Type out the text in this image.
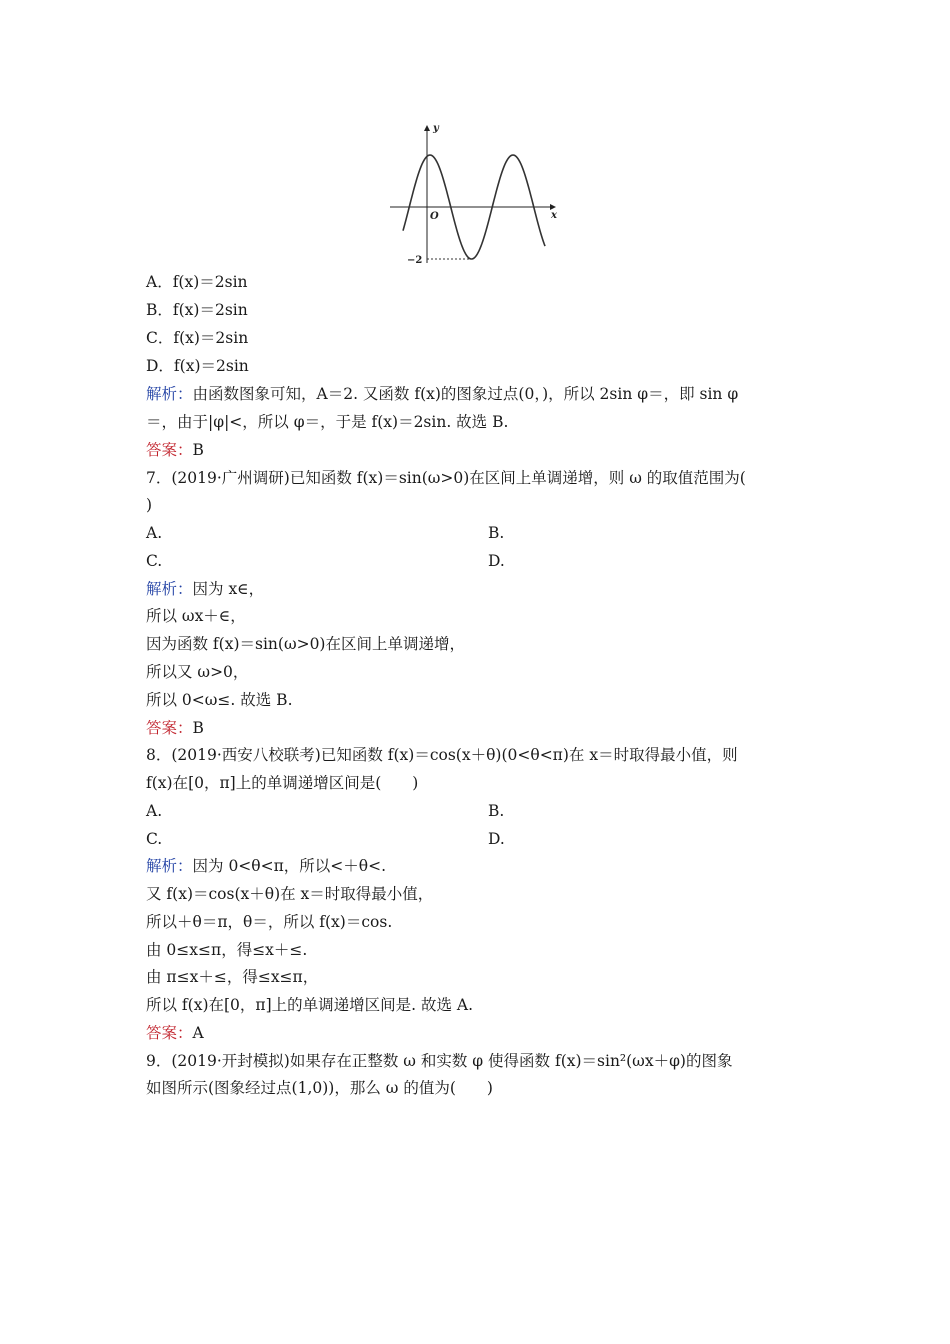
y
x
O
−2
A．f(x)＝2sin
B．f(x)＝2sin
C．f(x)＝2sin
D．f(x)＝2sin
解析：由函数图象可知，A＝2. 又函数 f(x)的图象过点(0，)，所以 2sin φ＝，即 sin φ
＝，由于|φ|<，所以 φ＝，于是 f(x)＝2sin. 故选 B.
答案：B
7．(2019·广州调研)已知函数 f(x)＝sin(ω>0)在区间上单调递增，则 ω 的取值范围为(
)
A.	B.
C.	D.
解析：因为 x∈，
所以 ωx＋∈，
因为函数 f(x)＝sin(ω>0)在区间上单调递增，
所以又 ω>0，
所以 0<ω≤. 故选 B.
答案：B
8．(2019·西安八校联考)已知函数 f(x)＝cos(x＋θ)(0<θ<π)在 x＝时取得最小值，则
f(x)在[0，π]上的单调递增区间是(　　)
A.	B.
C.	D.
解析：因为 0<θ<π，所以<＋θ<.
又 f(x)＝cos(x＋θ)在 x＝时取得最小值，
所以＋θ＝π，θ＝，所以 f(x)＝cos.
由 0≤x≤π，得≤x＋≤.
由 π≤x＋≤，得≤x≤π，
所以 f(x)在[0，π]上的单调递增区间是. 故选 A.
答案：A
9．(2019·开封模拟)如果存在正整数 ω 和实数 φ 使得函数 f(x)＝sin²(ωx＋φ)的图象
如图所示(图象经过点(1,0))，那么 ω 的值为(　　)
